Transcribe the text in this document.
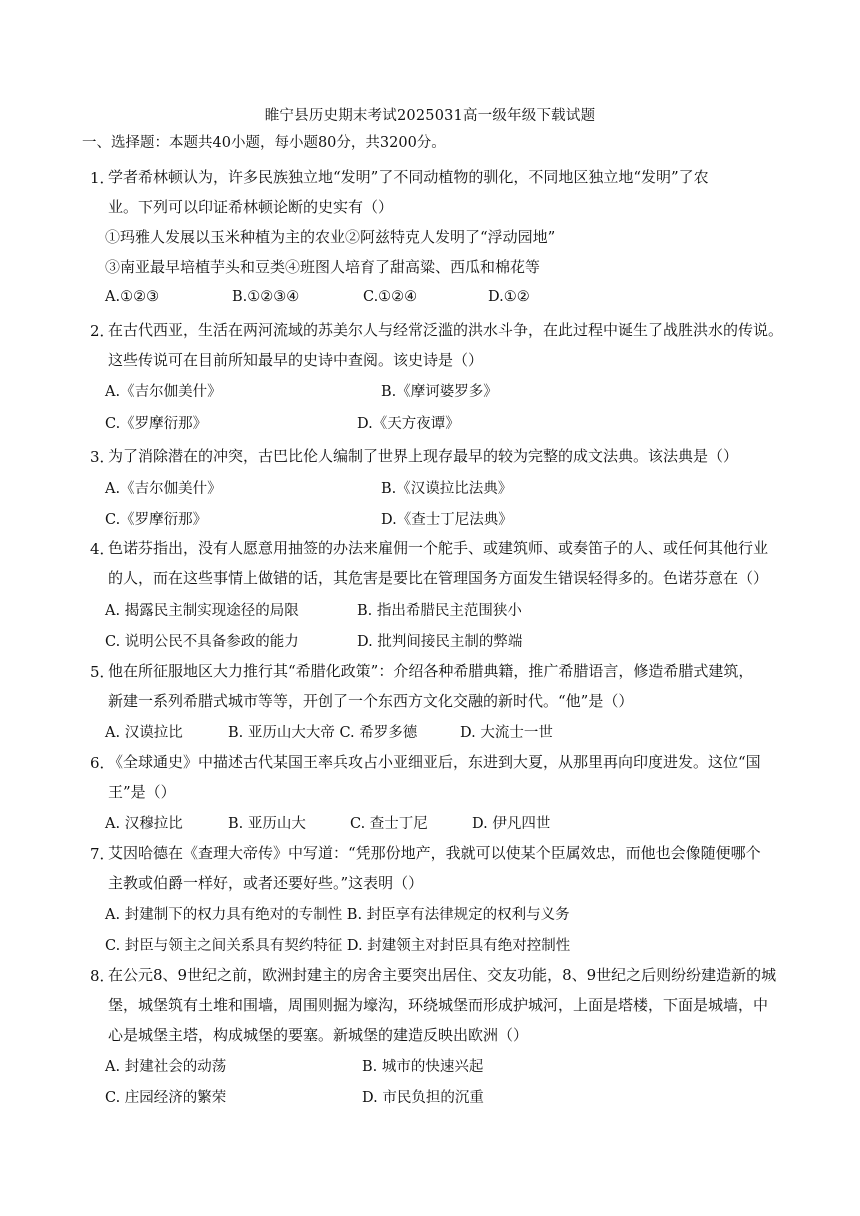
睢宁县历史期末考试2025031高一级年级下载试题
一、选择题：本题共40小题，每小题80分，共3200分。
1．
学者希林顿认为，许多民族独立地“发明”了不同动植物的驯化，不同地区独立地“发明”了农
业。下列可以印证希林顿论断的史实有（）
①玛雅人发展以玉米种植为主的农业②阿兹特克人发明了“浮动园地”
③南亚最早培植芋头和豆类④班图人培育了甜高粱、西瓜和棉花等
A.①②③	B.①②③④	C.①②④	D.①②
2．
在古代西亚，生活在两河流域的苏美尔人与经常泛滥的洪水斗争，在此过程中诞生了战胜洪水的传说。
这些传说可在目前所知最早的史诗中查阅。该史诗是（）
A.《吉尔伽美什》	B.《摩诃婆罗多》
C.《罗摩衍那》	D.《天方夜谭》
3．
为了消除潜在的冲突，古巴比伦人编制了世界上现存最早的较为完整的成文法典。该法典是（）
A.《吉尔伽美什》	B.《汉谟拉比法典》
C.《罗摩衍那》	D.《查士丁尼法典》
4．
色诺芬指出，没有人愿意用抽签的办法来雇佣一个舵手、或建筑师、或奏笛子的人、或任何其他行业
的人，而在这些事情上做错的话，其危害是要比在管理国务方面发生错误轻得多的。色诺芬意在（）
A. 揭露民主制实现途径的局限	B. 指出希腊民主范围狭小
C. 说明公民不具备参政的能力	D. 批判间接民主制的弊端
5．
他在所征服地区大力推行其“希腊化政策”：介绍各种希腊典籍，推广希腊语言，修造希腊式建筑，
新建一系列希腊式城市等等，开创了一个东西方文化交融的新时代。“他”是（）
A. 汉谟拉比	B. 亚历山大大帝 C. 希罗多德	D. 大流士一世
6．
《全球通史》中描述古代某国王率兵攻占小亚细亚后，东进到大夏，从那里再向印度进发。这位“国
王”是（）
A. 汉穆拉比	B. 亚历山大	C. 查士丁尼	D. 伊凡四世
7．
艾因哈德在《查理大帝传》中写道：“凭那份地产，我就可以使某个臣属效忠，而他也会像随便哪个
主教或伯爵一样好，或者还要好些。”这表明（）
A. 封建制下的权力具有绝对的专制性 B. 封臣享有法律规定的权利与义务
C. 封臣与领主之间关系具有契约特征 D. 封建领主对封臣具有绝对控制性
8．
在公元8、9世纪之前，欧洲封建主的房舍主要突出居住、交友功能，8、9世纪之后则纷纷建造新的城
堡，城堡筑有土堆和围墙，周围则掘为壕沟，环绕城堡而形成护城河，上面是塔楼，下面是城墙，中
心是城堡主塔，构成城堡的要塞。新城堡的建造反映出欧洲（）
A. 封建社会的动荡	B. 城市的快速兴起
C. 庄园经济的繁荣	D. 市民负担的沉重
